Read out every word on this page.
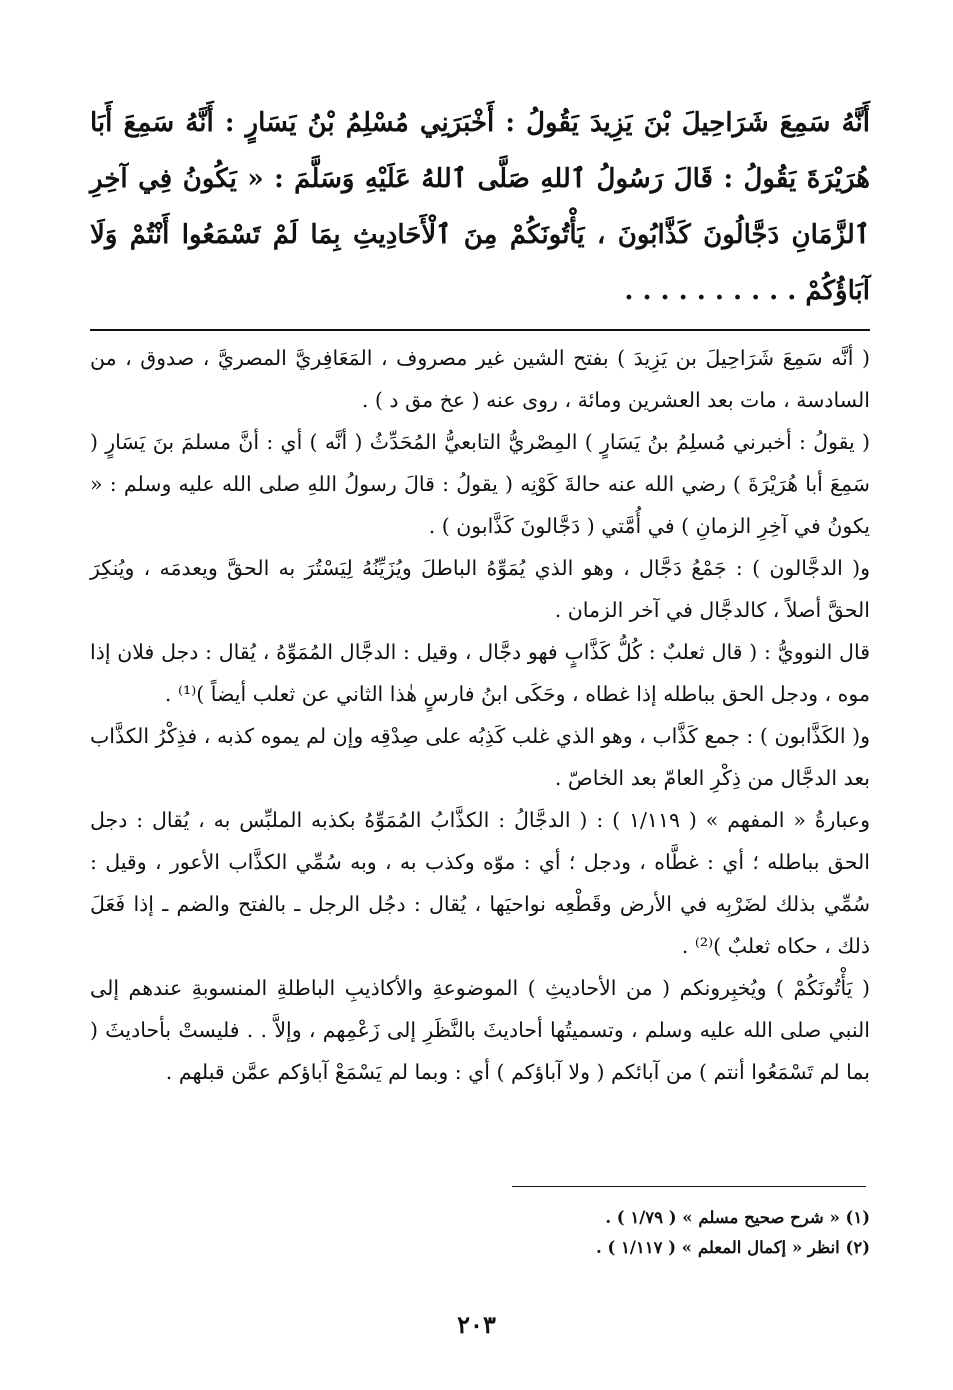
أَنَّهُ سَمِعَ شَرَاحِيلَ بْنَ يَزِيدَ يَقُولُ : أَخْبَرَنِي مُسْلِمُ بْنُ يَسَارٍ : أَنَّهُ سَمِعَ أَبَا هُرَيْرَةَ يَقُولُ : قَالَ رَسُولُ ٱللهِ صَلَّى ٱللهُ عَلَيْهِ وَسَلَّمَ : « يَكُونُ فِي آخِرِ ٱلزَّمَانِ دَجَّالُونَ كَذَّابُونَ ، يَأْتُونَكُمْ مِنَ ٱلْأَحَادِيثِ بِمَا لَمْ تَسْمَعُوا أَنْتُمْ وَلَا آبَاؤُكُمْ . . . . . . . . . .

( أنَّه سَمِعَ شَرَاحِيلَ بن يَزِيدَ ) بفتح الشين غير مصروف ، المَعَافِريَّ المصريَّ ، صدوق ، من السادسة ، مات بعد العشرين ومائة ، روى عنه ( عخ مق د ) .

( يقولُ : أخبرني مُسلِمُ بنُ يَسَارٍ ) المِصْريُّ التابعيُّ المُحَدِّثُ ( أنَّه ) أي : أنَّ مسلمَ بنَ يَسَارٍ ( سَمِعَ أبا هُرَيْرَةَ ) رضي الله عنه حالةَ كَوْنِه ( يقولُ : قالَ رسولُ اللهِ صلى الله عليه وسلم : « يكونُ في آخِرِ الزمانِ ) في أُمَّتي ( دَجَّالونَ كَذَّابون ) .

و( الدجَّالون ) : جَمْعُ دَجَّال ، وهو الذي يُمَوِّهُ الباطلَ ويُزَيِّنُهُ لِيَسْتُرَ به الحقَّ ويعدمَه ، ويُنكِرَ الحقَّ أصلاً ، كالدجَّال في آخر الزمان .

قال النوويُّ : ( قال ثعلبٌ : كُلُّ كَذَّابٍ فهو دجَّال ، وقيل : الدجَّال المُمَوِّهُ ، يُقال : دجل فلان إذا موه ، ودجل الحق بباطله إذا غطاه ، وحَكَى ابنُ فارسٍ هٰذا الثاني عن ثعلب أيضاً )⁽¹⁾ .

و( الكَذَّابون ) : جمع كَذَّاب ، وهو الذي غلب كَذِبُه على صِدْقِه وإن لم يموه كذبه ، فذِكْرُ الكذَّاب بعد الدجَّال من ذِكْرِ العامّ بعد الخاصّ .

وعبارةُ « المفهم » ( ١/١١٩ ) : ( الدجَّالُ : الكذَّابُ المُمَوِّهُ بكذبه الملبِّس به ، يُقال : دجل الحق بباطله ؛ أي : غطَّاه ، ودجل ؛ أي : موّه وكذب به ، وبه سُمِّي الكذَّاب الأعور ، وقيل : سُمِّي بذلك لضَرْبِه في الأرض وقَطْعِه نواحيَها ، يُقال : دجُل الرجل ـ بالفتح والضم ـ إذا فَعَلَ ذلك ، حكاه ثعلبٌ )⁽²⁾ .

( يَأْتُونَكُمْ ) ويُخبِرونكم ( من الأحاديثِ ) الموضوعةِ والأكاذيبِ الباطلةِ المنسوبةِ عندهم إلى النبي صلى الله عليه وسلم ، وتسميتُها أحاديثَ بالنَّظَرِ إلى زَعْمِهم ، وإلاَّ . . فليستْ بأحاديثَ ( بما لم تَسْمَعُوا أنتم ) من آبائكم ( ولا آباؤكم ) أي : وبما لم يَسْمَعْ آباؤكم عمَّن قبلهم .

(١) « شرح صحيح مسلم » ( ١/٧٩ ) .
(٢) انظر « إكمال المعلم » ( ١/١١٧ ) .
٢٠٣
